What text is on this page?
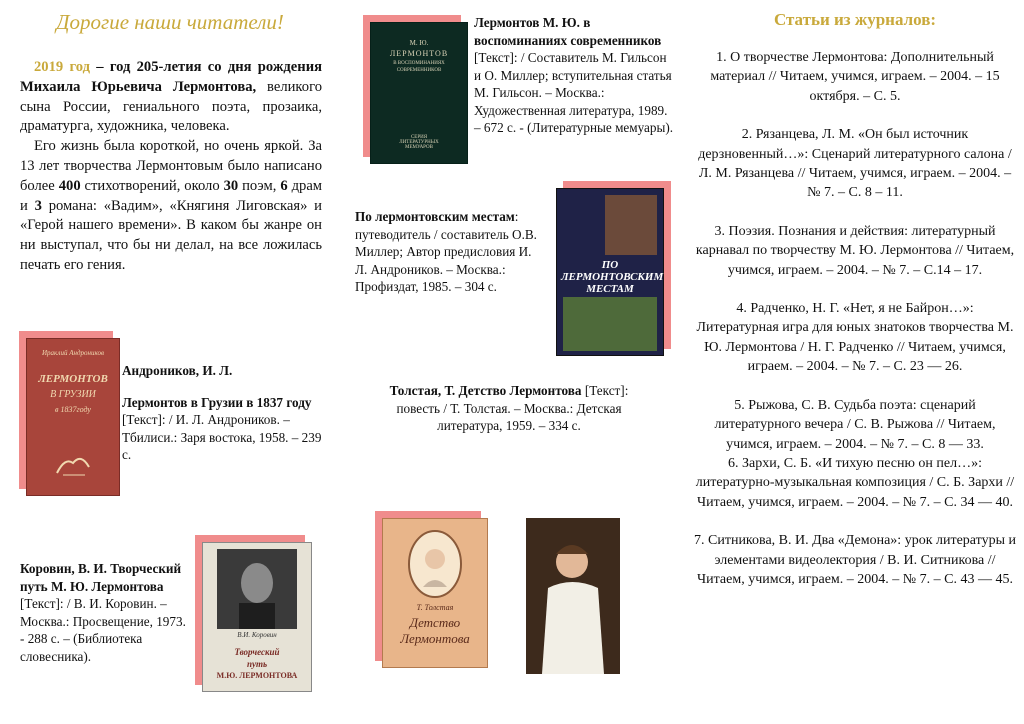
Дорогие наши читатели!

2019 год – год 205-летия со дня рождения Михаила Юрьевича Лермонтова, великого сына России, гениального поэта, прозаика, драматурга, художника, человека.

Его жизнь была короткой, но очень яркой. За 13 лет творчества Лермонтовым было написано более 400 стихотворений, около 30 поэм, 6 драм и 3 романа: «Вадим», «Княгиня Лиговская» и «Герой нашего времени». В каком бы жанре он ни выступал, что бы ни делал, на все ложилась печать его гения.

Ираклий Андроников
ЛЕРМОНТОВ
В ГРУЗИИ
в 1837году
Андроников, И. Л.
Лермонтов в Грузии в 1837 году [Текст]: / И. Л. Андроников. – Тбилиси.: Заря востока, 1958. – 239 с.
Коровин, В. И. Творческий путь М. Ю. Лермонтова [Текст]: / В. И. Коровин. – Москва.: Просвещение, 1973. - 288 с. – (Библиотека словесника).
В.И. Коровин
Творческий
путь
М.Ю. ЛЕРМОНТОВА
М. Ю.
ЛЕРМОНТОВ
В ВОСПОМИНАНИЯХ
СОВРЕМЕННИКОВ
СЕРИЯ ЛИТЕРАТУРНЫХ МЕМУАРОВ
Лермонтов М. Ю. в воспоминаниях современников [Текст]: / Составитель М. Гильсон и О. Миллер; вступительная статья М. Гильсон. – Москва.: Художественная литература, 1989. – 672 с. - (Литературные мемуары).
По лермонтовским местам: путеводитель / составитель О.В. Миллер; Автор предисловия И. Л. Андроников. – Москва.: Профиздат, 1985. – 304 с.
ПО ЛЕРМОНТОВСКИМ МЕСТАМ
Толстая, Т. Детство Лермонтова [Текст]: повесть / Т. Толстая. – Москва.: Детская литература, 1959. – 334 с.
Т. Толстая
Детство
Лермонтова
Статьи из журналов:
1. О творчестве Лермонтова: Дополнительный материал // Читаем, учимся, играем. – 2004. – 15 октября. – С. 5.
2. Рязанцева, Л. М. «Он был источник дерзновенный…»: Сценарий литературного салона / Л. М. Рязанцева // Читаем, учимся, играем. – 2004. – № 7. – С. 8 – 11.
3. Поэзия. Познания и действия: литературный карнавал по творчеству М. Ю. Лермонтова // Читаем, учимся, играем. – 2004. – № 7. – С.14 – 17.
4. Радченко, Н. Г. «Нет, я не Байрон…»: Литературная игра для юных знатоков творчества М. Ю. Лермонтова / Н. Г. Радченко // Читаем, учимся, играем. – 2004. – № 7. – С. 23 — 26.
5. Рыжова, С. В. Судьба поэта: сценарий литературного вечера / С. В. Рыжова // Читаем, учимся, играем. – 2004. – № 7. – С. 8 — 33.
6. Зархи, С. Б. «И тихую песню он пел…»: литературно-музыкальная композиция / С. Б. Зархи // Читаем, учимся, играем. – 2004. – № 7. – С. 34 — 40.
7. Ситникова, В. И. Два «Демона»: урок литературы и элементами видеолектория / В. И. Ситникова // Читаем, учимся, играем. – 2004. – № 7. – С. 43 — 45.
